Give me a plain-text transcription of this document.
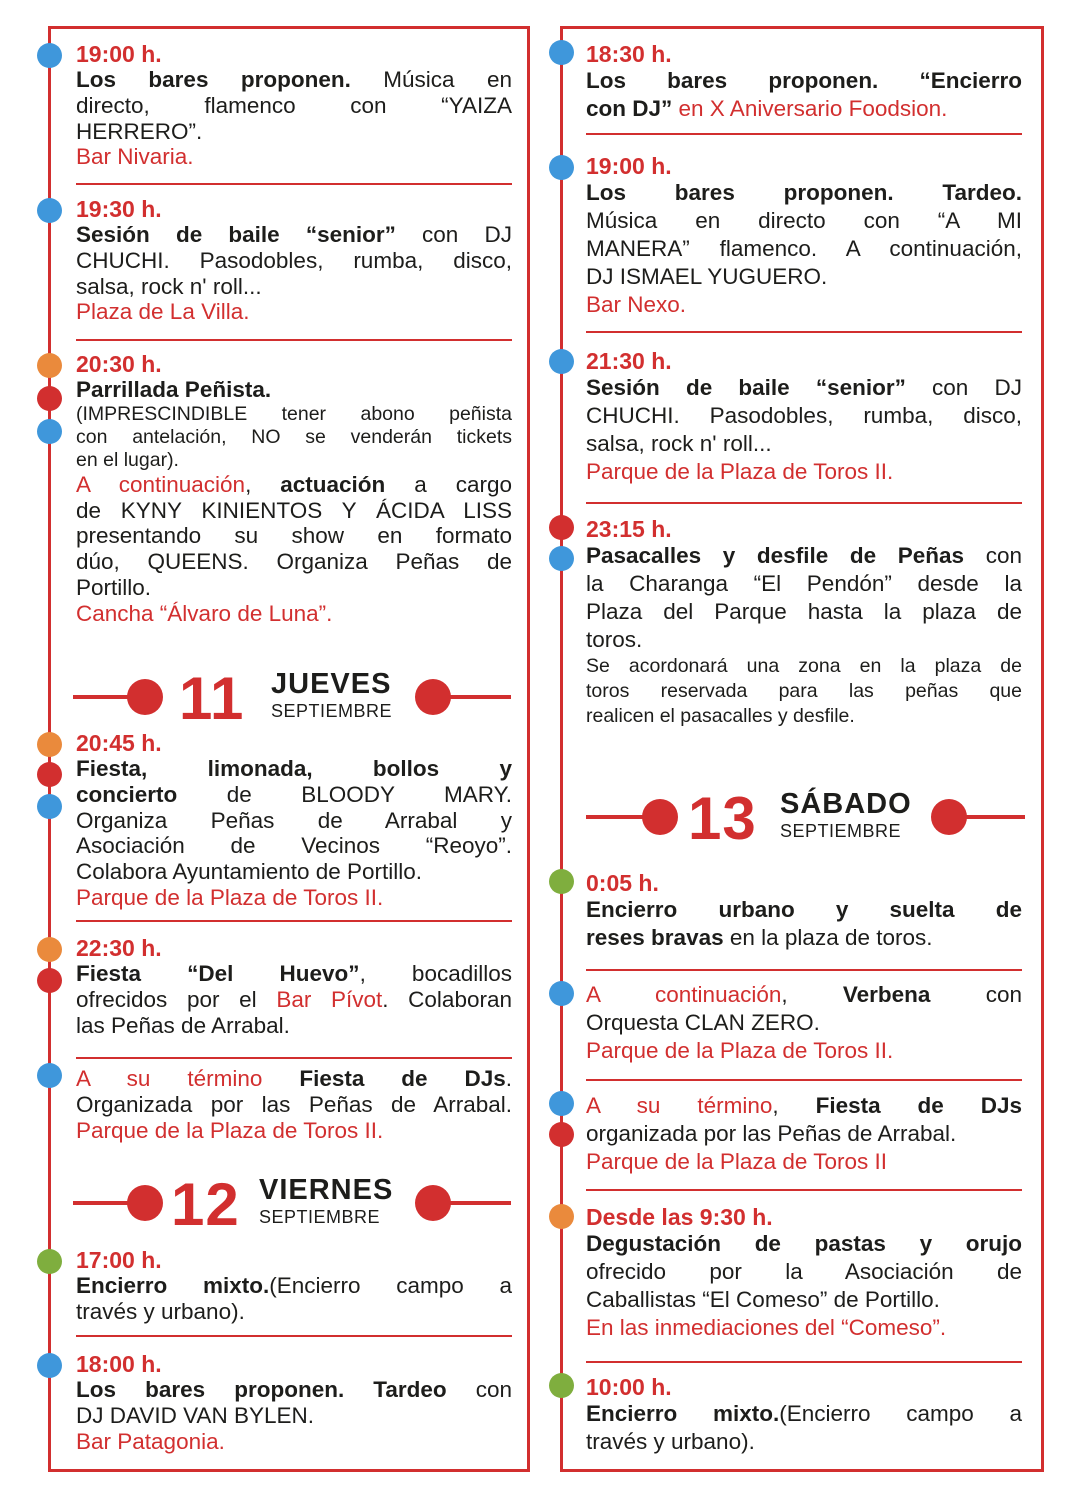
19:00 h.
Los bares proponen. Música en
directo, flamenco con “YAIZA
HERRERO”.
Bar Nivaria.
19:30 h.
Sesión de baile “senior” con DJ
CHUCHI. Pasodobles, rumba, disco,
salsa, rock n' roll...
Plaza de La Villa.
20:30 h.
Parrillada Peñista.
(IMPRESCINDIBLE tener abono peñista
con antelación, NO se venderán tickets
en el lugar).
A continuación, actuación a cargo
de KYNY KINIENTOS Y ÁCIDA LISS
presentando su show en formato
dúo, QUEENS. Organiza Peñas de
Portillo.
Cancha “Álvaro de Luna”.
11 JUEVES
SEPTIEMBRE
20:45 h.
Fiesta, limonada, bollos y
concierto de BLOODY MARY.
Organiza Peñas de Arrabal y
Asociación de Vecinos “Reoyo”.
Colabora Ayuntamiento de Portillo.
Parque de la Plaza de Toros II.
22:30 h.
Fiesta “Del Huevo”, bocadillos
ofrecidos por el Bar Pívot. Colaboran
las Peñas de Arrabal.
A su término Fiesta de DJs.
Organizada por las Peñas de Arrabal.
Parque de la Plaza de Toros II.
12 VIERNES
SEPTIEMBRE
17:00 h.
Encierro mixto.(Encierro campo a
través y urbano).
18:00 h.
Los bares proponen. Tardeo con
DJ DAVID VAN BYLEN.
Bar Patagonia.
18:30 h.
Los bares proponen. “Encierro
con DJ” en X Aniversario Foodsion.
19:00 h.
Los bares proponen. Tardeo.
Música en directo con “A MI
MANERA” flamenco. A continuación,
DJ ISMAEL YUGUERO.
Bar Nexo.
21:30 h.
Sesión de baile “senior” con DJ
CHUCHI. Pasodobles, rumba, disco,
salsa, rock n' roll...
Parque de la Plaza de Toros II.
23:15 h.
Pasacalles y desfile de Peñas con
la Charanga “El Pendón” desde la
Plaza del Parque hasta la plaza de
toros.
Se acordonará una zona en la plaza de
toros reservada para las peñas que
realicen el pasacalles y desfile.
13 SÁBADO
SEPTIEMBRE
0:05 h.
Encierro urbano y suelta de
reses bravas en la plaza de toros.
A continuación, Verbena con
Orquesta CLAN ZERO.
Parque de la Plaza de Toros II.
A su término, Fiesta de DJs
organizada por las Peñas de Arrabal.
Parque de la Plaza de Toros II
Desde las 9:30 h.
Degustación de pastas y orujo
ofrecido por la Asociación de
Caballistas “El Comeso” de Portillo.
En las inmediaciones del “Comeso”.
10:00 h.
Encierro mixto.(Encierro campo a
través y urbano).
